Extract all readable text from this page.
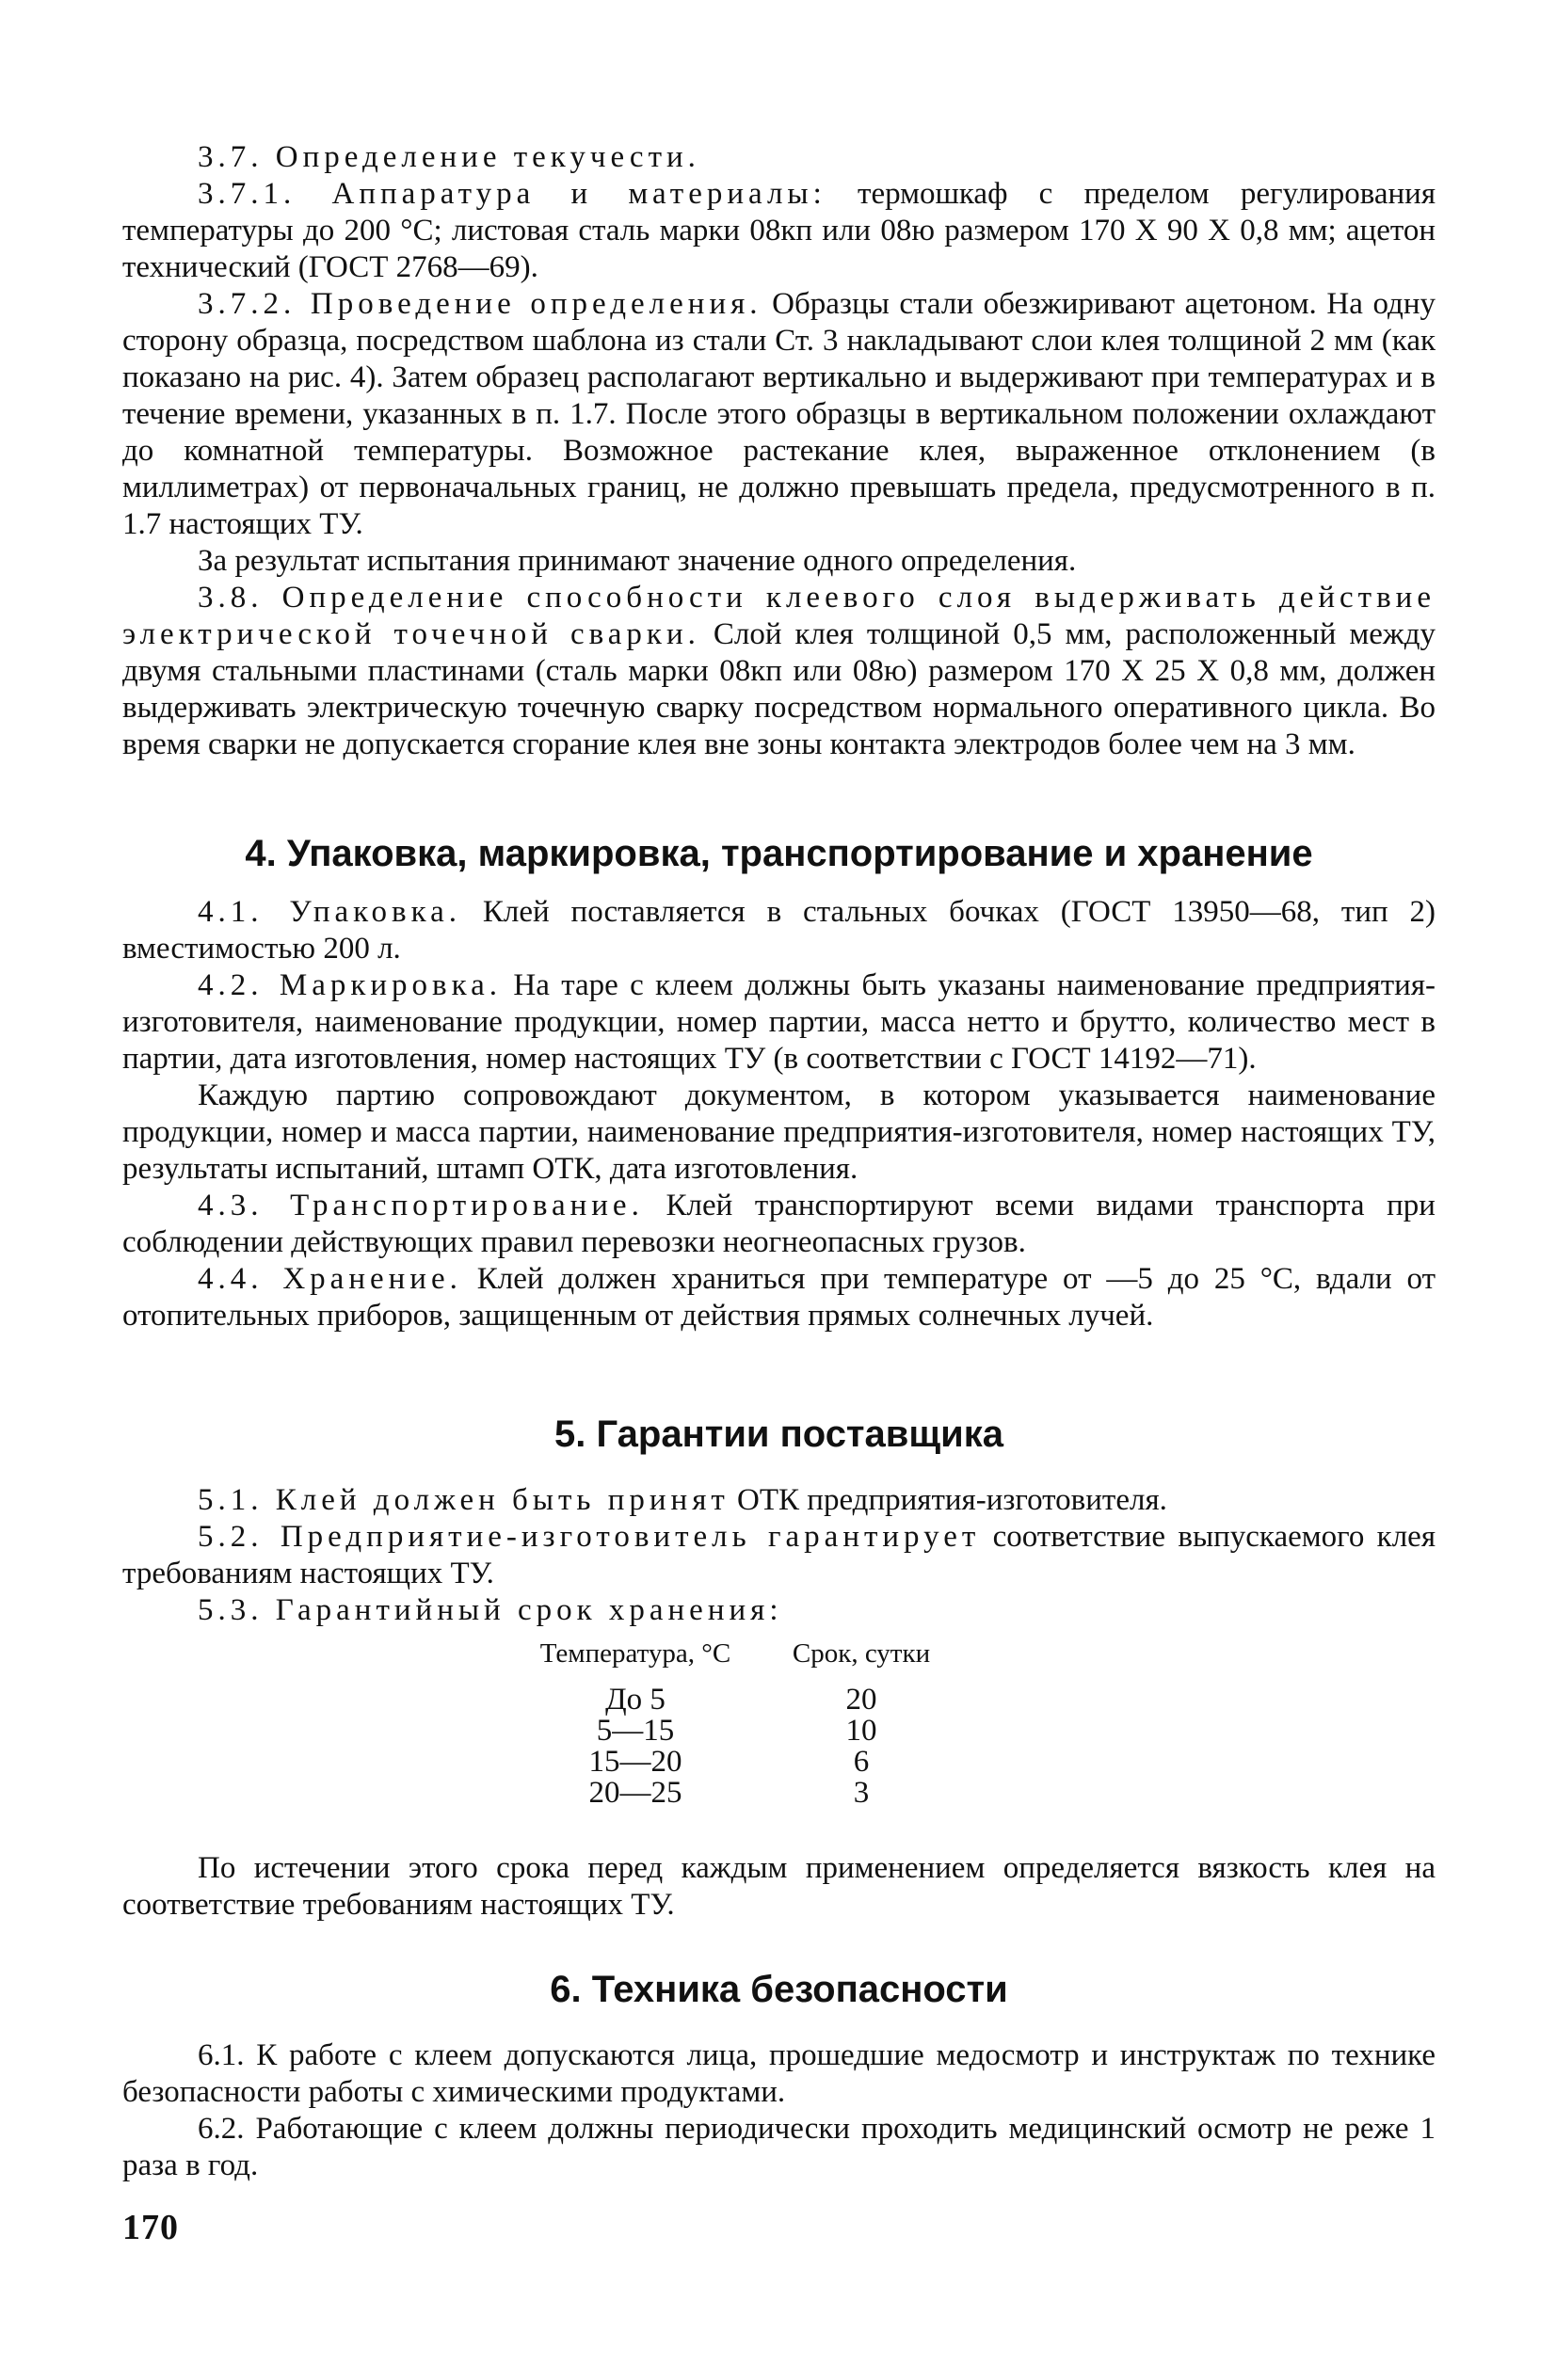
3.7. Определение текучести.

3.7.1. Аппаратура и материалы: термошкаф с пределом регулирования температуры до 200 °С; листовая сталь марки 08кп или 08ю размером 170 X 90 X 0,8 мм; ацетон технический (ГОСТ 2768—69).

3.7.2. Проведение определения. Образцы стали обезжиривают ацетоном. На одну сторону образца, посредством шаблона из стали Ст. 3 накладывают слои клея толщиной 2 мм (как показано на рис. 4). Затем образец располагают вертикально и выдерживают при температурах и в течение времени, указанных в п. 1.7. После этого образцы в вертикальном положении охлаждают до комнатной температуры. Возможное растекание клея, выраженное отклонением (в миллиметрах) от первоначальных границ, не должно превышать предела, предусмотренного в п. 1.7 настоящих ТУ.

За результат испытания принимают значение одного определения.

3.8. Определение способности клеевого слоя выдерживать действие электрической точечной сварки. Слой клея толщиной 0,5 мм, расположенный между двумя стальными пластинами (сталь марки 08кп или 08ю) размером 170 X 25 X 0,8 мм, должен выдерживать электрическую точечную сварку посредством нормального оперативного цикла. Во время сварки не допускается сгорание клея вне зоны контакта электродов более чем на 3 мм.

4. Упаковка, маркировка, транспортирование и хранение

4.1. Упаковка. Клей поставляется в стальных бочках (ГОСТ 13950—68, тип 2) вместимостью 200 л.

4.2. Маркировка. На таре с клеем должны быть указаны наименование предприятия-изготовителя, наименование продукции, номер партии, масса нетто и брутто, количество мест в партии, дата изготовления, номер настоящих ТУ (в соответствии с ГОСТ 14192—71).

Каждую партию сопровождают документом, в котором указывается наименование продукции, номер и масса партии, наименование предприятия-изготовителя, номер настоящих ТУ, результаты испытаний, штамп ОТК, дата изготовления.

4.3. Транспортирование. Клей транспортируют всеми видами транспорта при соблюдении действующих правил перевозки неогнеопасных грузов.

4.4. Хранение. Клей должен храниться при температуре от —5 до 25 °С, вдали от отопительных приборов, защищенным от действия прямых солнечных лучей.

5. Гарантии поставщика

5.1. Клей должен быть принят ОТК предприятия-изготовителя.

5.2. Предприятие-изготовитель гарантирует соответствие выпускаемого клея требованиям настоящих ТУ.

5.3. Гарантийный срок хранения:

Температура, °С	Срок, сутки
До 5	20
5—15	10
15—20	6
20—25	3

По истечении этого срока перед каждым применением определяется вязкость клея на соответствие требованиям настоящих ТУ.

6. Техника безопасности

6.1. К работе с клеем допускаются лица, прошедшие медосмотр и инструктаж по технике безопасности работы с химическими продуктами.

6.2. Работающие с клеем должны периодически проходить медицинский осмотр не реже 1 раза в год.

170
